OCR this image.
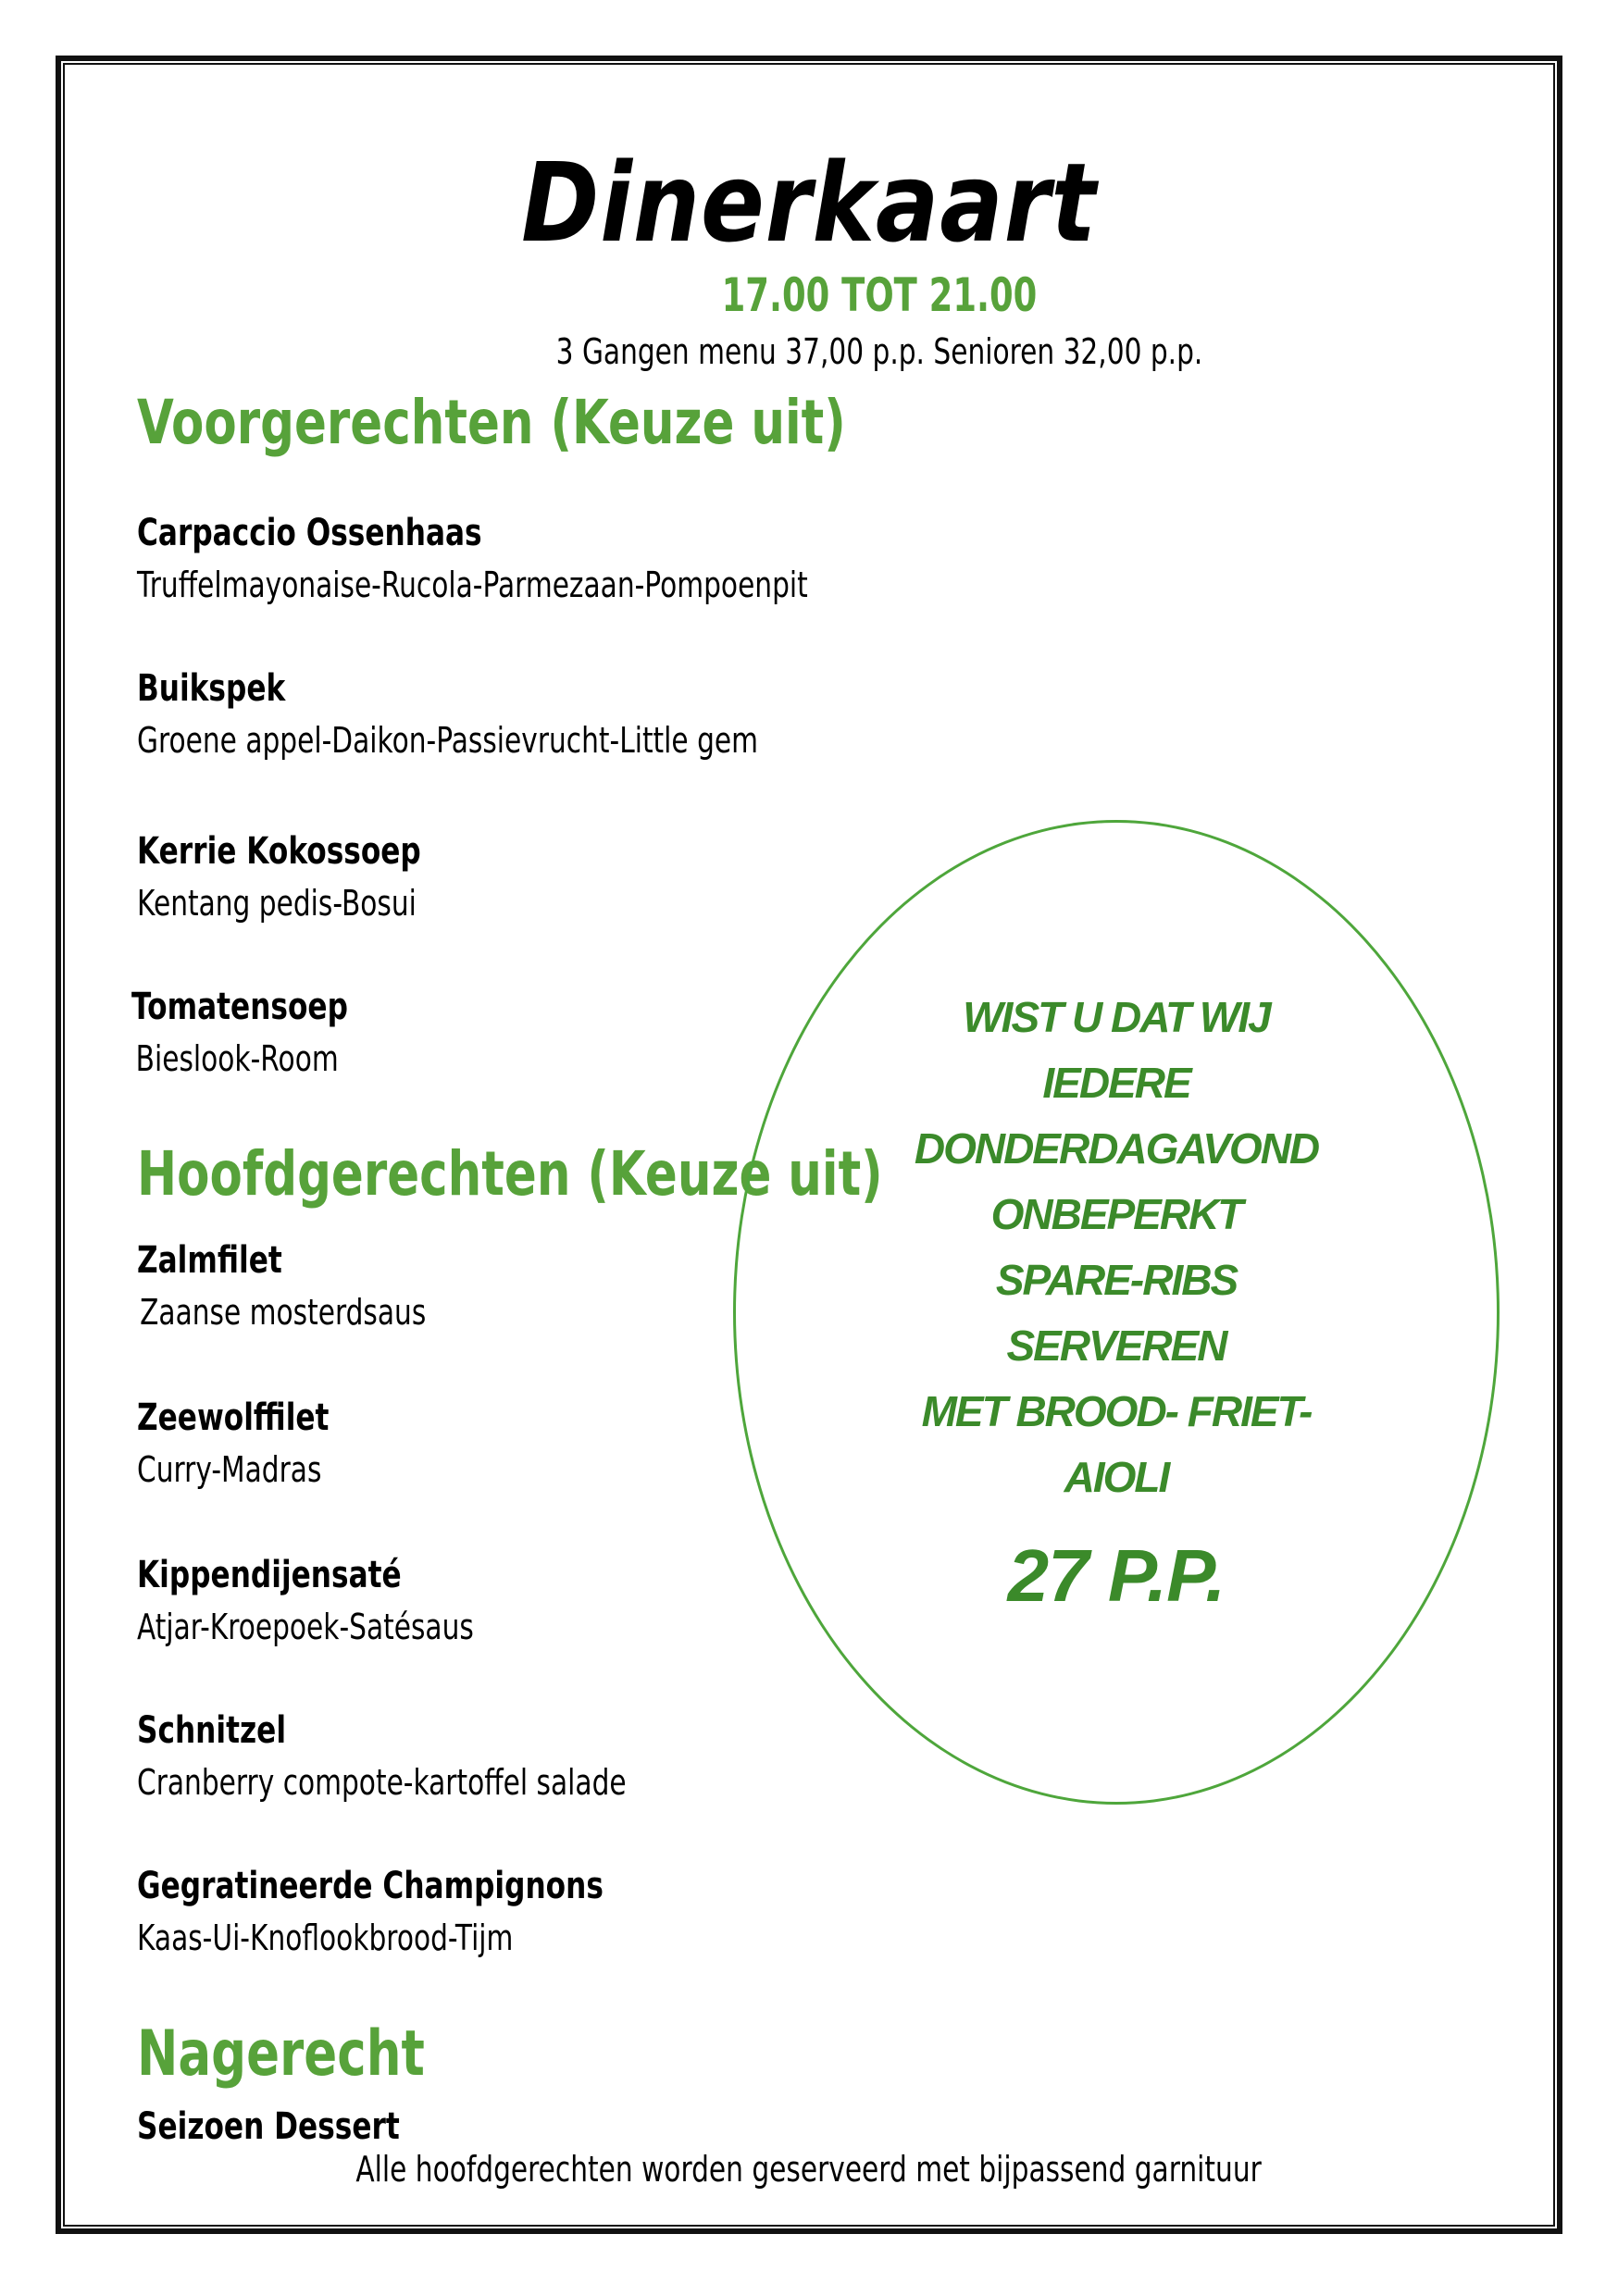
Dinerkaart
17.00 TOT 21.00
3 Gangen menu 37,00 p.p. Senioren 32,00 p.p.
Voorgerechten (Keuze uit)
Carpaccio Ossenhaas
Truffelmayonaise-Rucola-Parmezaan-Pompoenpit
Buikspek
Groene appel-Daikon-Passievrucht-Little gem
Kerrie Kokossoep
Kentang pedis-Bosui
Tomatensoep
Bieslook-Room
Hoofdgerechten (Keuze uit)
Zalmfilet
Zaanse mosterdsaus
Zeewolffilet
Curry-Madras
Kippendijensaté
Atjar-Kroepoek-Satésaus
Schnitzel
Cranberry compote-kartoffel salade
Gegratineerde Champignons
Kaas-Ui-Knoflookbrood-Tijm
Nagerecht
Seizoen Dessert
WIST U DAT WIJ
IEDERE
DONDERDAGAVOND
ONBEPERKT
SPARE-RIBS
SERVEREN
MET BROOD- FRIET-
AIOLI
27 P.P.
Alle hoofdgerechten worden geserveerd met bijpassend garnituur
